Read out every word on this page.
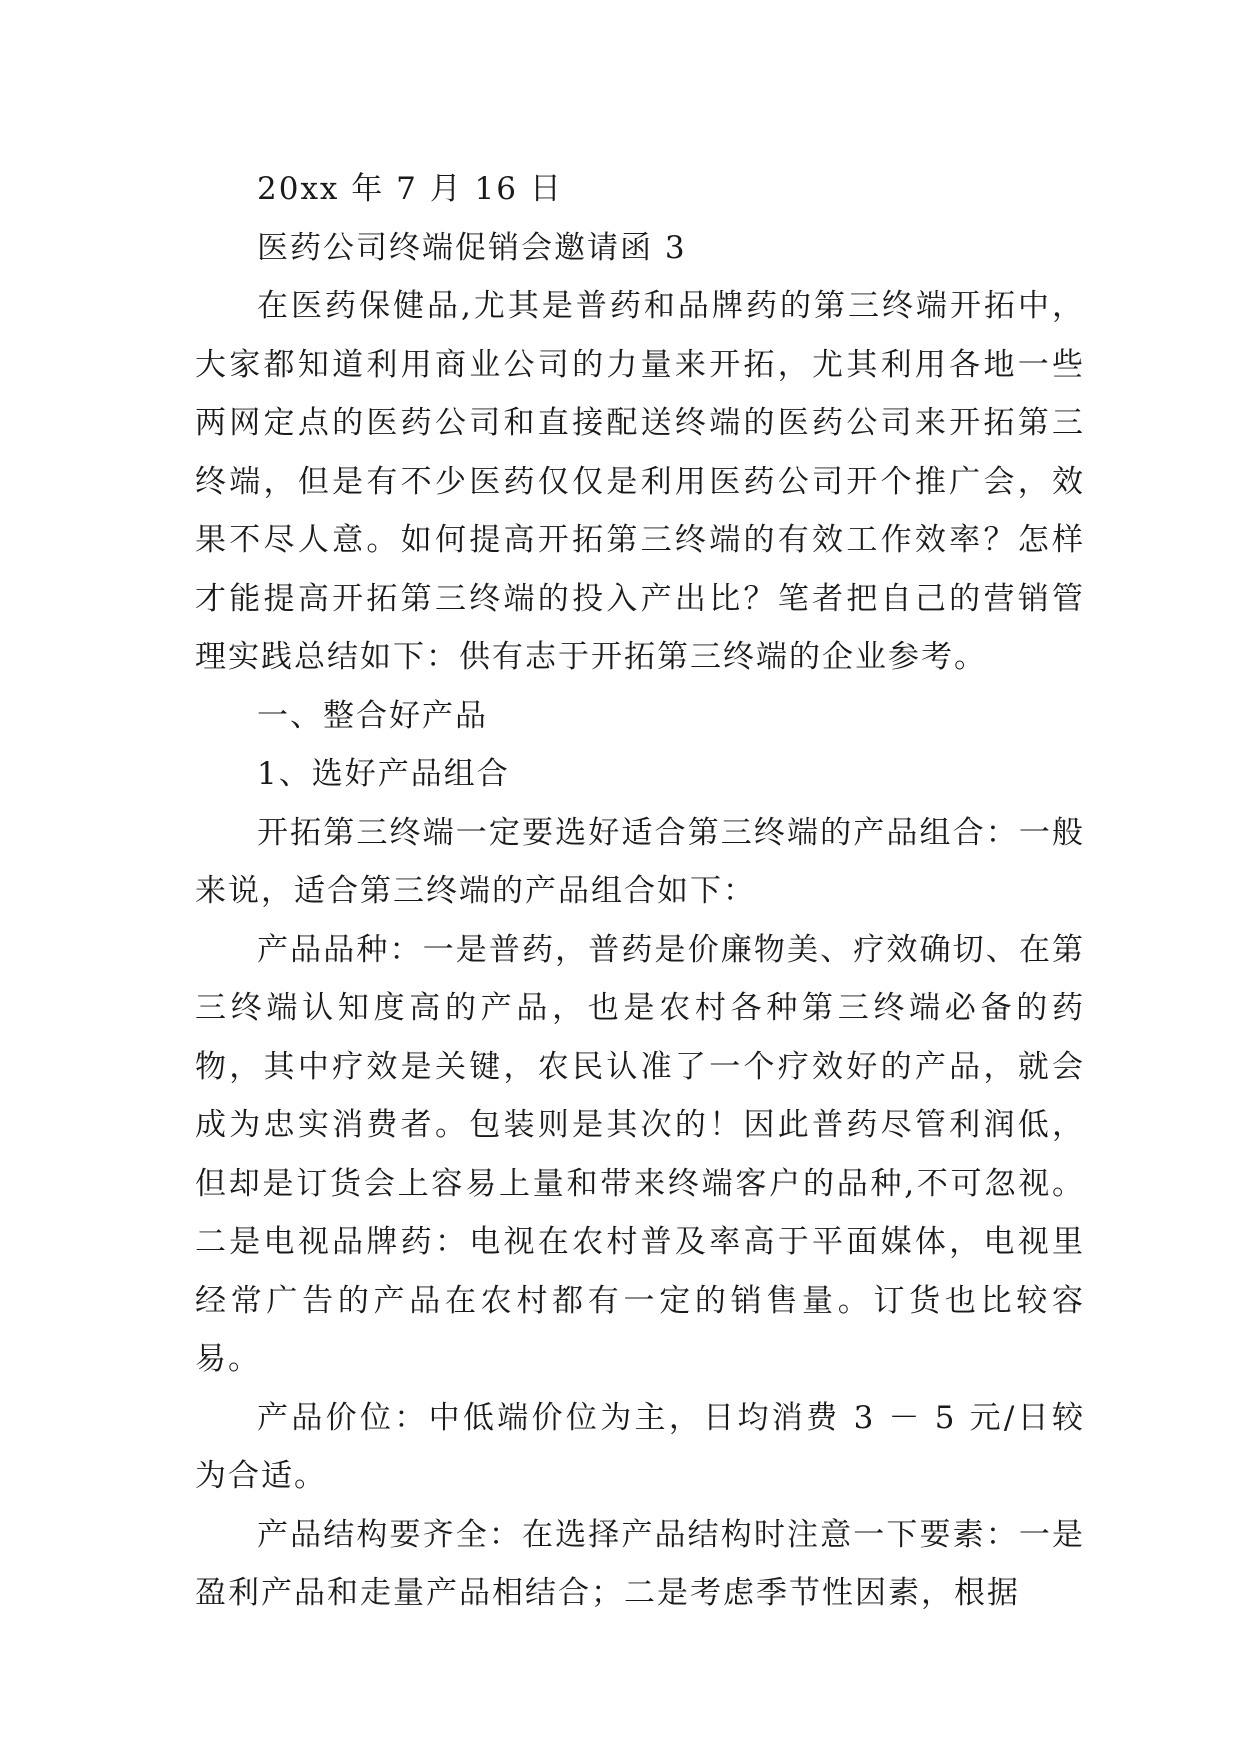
20xx 年 7 月 16 日

医药公司终端促销会邀请函 3

在医药保健品,尤其是普药和品牌药的第三终端开拓中，大家都知道利用商业公司的力量来开拓，尤其利用各地一些两网定点的医药公司和直接配送终端的医药公司来开拓第三终端，但是有不少医药仅仅是利用医药公司开个推广会，效果不尽人意。如何提高开拓第三终端的有效工作效率？怎样才能提高开拓第三终端的投入产出比？笔者把自己的营销管理实践总结如下：供有志于开拓第三终端的企业参考。

一、整合好产品

1、选好产品组合

开拓第三终端一定要选好适合第三终端的产品组合：一般来说，适合第三终端的产品组合如下：

产品品种：一是普药，普药是价廉物美、疗效确切、在第三终端认知度高的产品，也是农村各种第三终端必备的药物，其中疗效是关键，农民认准了一个疗效好的产品，就会成为忠实消费者。包装则是其次的！因此普药尽管利润低，但却是订货会上容易上量和带来终端客户的品种,不可忽视。二是电视品牌药：电视在农村普及率高于平面媒体，电视里经常广告的产品在农村都有一定的销售量。订货也比较容易。

产品价位：中低端价位为主，日均消费 3 － 5 元/日较为合适。

产品结构要齐全：在选择产品结构时注意一下要素：一是盈利产品和走量产品相结合；二是考虑季节性因素，根据
